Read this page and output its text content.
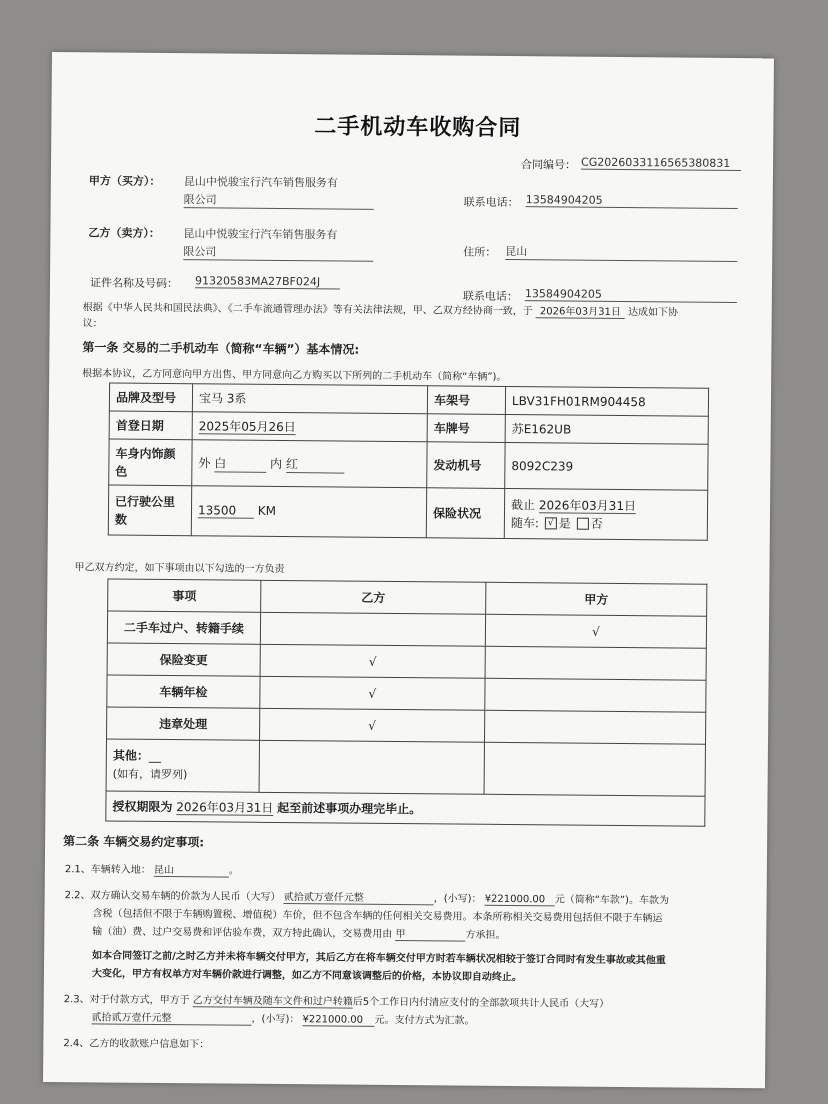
二手机动车收购合同
合同编号： CG2026033116565380831
甲方（买方）： 昆山中悦骏宝行汽车销售服务有
限公司	联系电话： 13584904205
乙方（卖方）： 昆山中悦骏宝行汽车销售服务有
限公司	住所： 昆山
证件名称及号码： 91320583MA27BF024J
联系电话： 13584904205
根据《中华人民共和国民法典》、《二手车流通管理办法》等有关法律法规，甲、乙双方经协商一致，于 2026年03月31日 达成如下协
议：
第一条 交易的二手机动车（简称“车辆”）基本情况:
根据本协议，乙方同意向甲方出售、甲方同意向乙方购买以下所列的二手机动车（简称“车辆”)。
品牌及型号	宝马 3系	车架号	LBV31FH01RM904458
首登日期	2025年05月26日	车牌号	苏E162UB
车身内饰颜
色	外 白 内 红	发动机号	8092C239
已行驶公里
数	13500 KM	保险状况	截止 2026年03月31日
随车: √ 是 否
甲乙双方约定，如下事项由以下勾选的一方负责
事项	乙方	甲方
二手车过户、转籍手续		√
保险变更	√	
车辆年检	√	
违章处理	√	
其他：__
(如有，请罗列)		
授权期限为 2026年03月31日 起至前述事项办理完毕止。		
第二条 车辆交易约定事项:
2.1、车辆转入地： 昆山	。
2.2、双方确认交易车辆的价款为人民币（大写） 贰拾贰万壹仟元整	，(小写)： ¥221000.00 元（简称“车款”)。车款为
含税（包括但不限于车辆购置税、增值税）车价，但不包含车辆的任何相关交易费用。本条所称相关交易费用包括但不限于车辆运
输（油）费、过户交易费和评估验车费，双方特此确认，交易费用由 甲	方承担。
如本合同签订之前/之时乙方并未将车辆交付甲方，其后乙方在将车辆交付甲方时若车辆状况相较于签订合同时有发生事故或其他重
大变化，甲方有权单方对车辆价款进行调整，如乙方不同意该调整后的价格，本协议即自动终止。
2.3、对于付款方式，甲方于 乙方交付车辆及随车文件和过户转籍后5个工作日内付清应支付的全部款项共计人民币（大写）
贰拾贰万壹仟元整	，(小写)： ¥221000.00 元。支付方式为汇款。
2.4、乙方的收款账户信息如下：
